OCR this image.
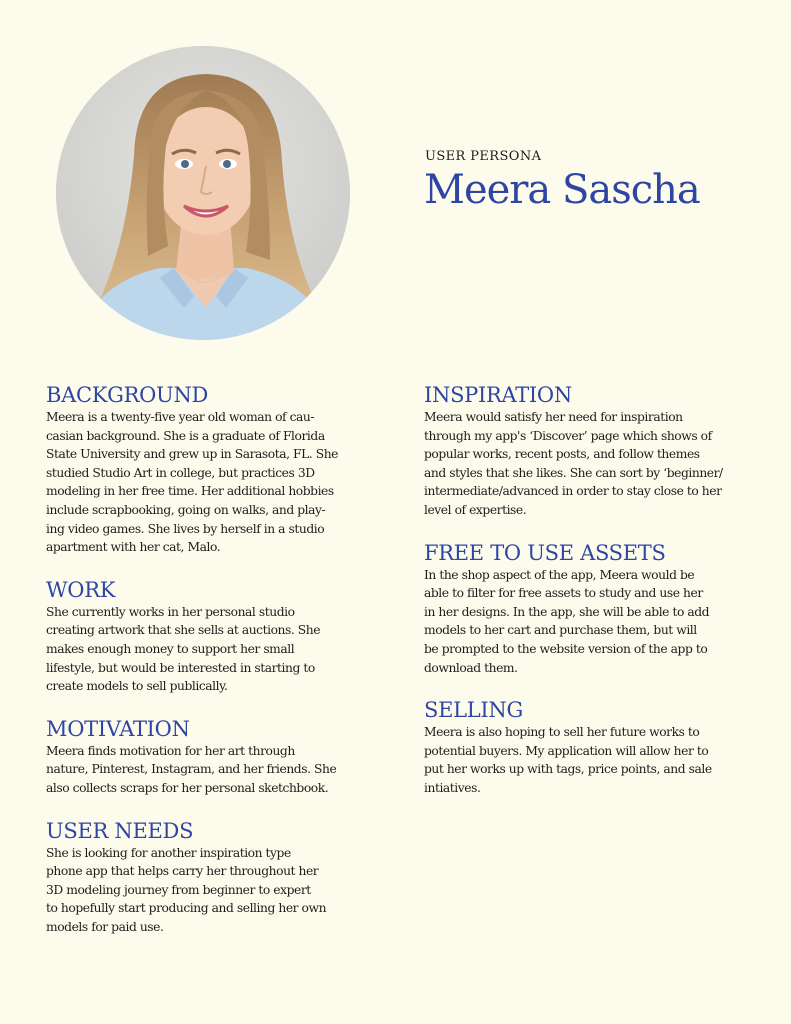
USER PERSONA
Meera Sascha
BACKGROUND

Meera is a twenty-five year old woman of cau-
casian background. She is a graduate of Florida
State University and grew up in Sarasota, FL. She
studied Studio Art in college, but practices 3D
modeling in her free time. Her additional hobbies
include scrapbooking, going on walks, and play-
ing video games. She lives by herself in a studio
apartment with her cat, Malo.

WORK

She currently works in her personal studio
creating artwork that she sells at auctions. She
makes enough money to support her small
lifestyle, but would be interested in starting to
create models to sell publically.

MOTIVATION

Meera finds motivation for her art through
nature, Pinterest, Instagram, and her friends. She
also collects scraps for her personal sketchbook.

USER NEEDS

She is looking for another inspiration type
phone app that helps carry her throughout her
3D modeling journey from beginner to expert
to hopefully start producing and selling her own
models for paid use.

INSPIRATION

Meera would satisfy her need for inspiration
through my app's ‘Discover’ page which shows of
popular works, recent posts, and follow themes
and styles that she likes. She can sort by ‘beginner/
intermediate/advanced in order to stay close to her
level of expertise.

FREE TO USE ASSETS

In the shop aspect of the app, Meera would be
able to filter for free assets to study and use her
in her designs. In the app, she will be able to add
models to her cart and purchase them, but will
be prompted to the website version of the app to
download them.

SELLING

Meera is also hoping to sell her future works to
potential buyers. My application will allow her to
put her works up with tags, price points, and sale
intiatives.
